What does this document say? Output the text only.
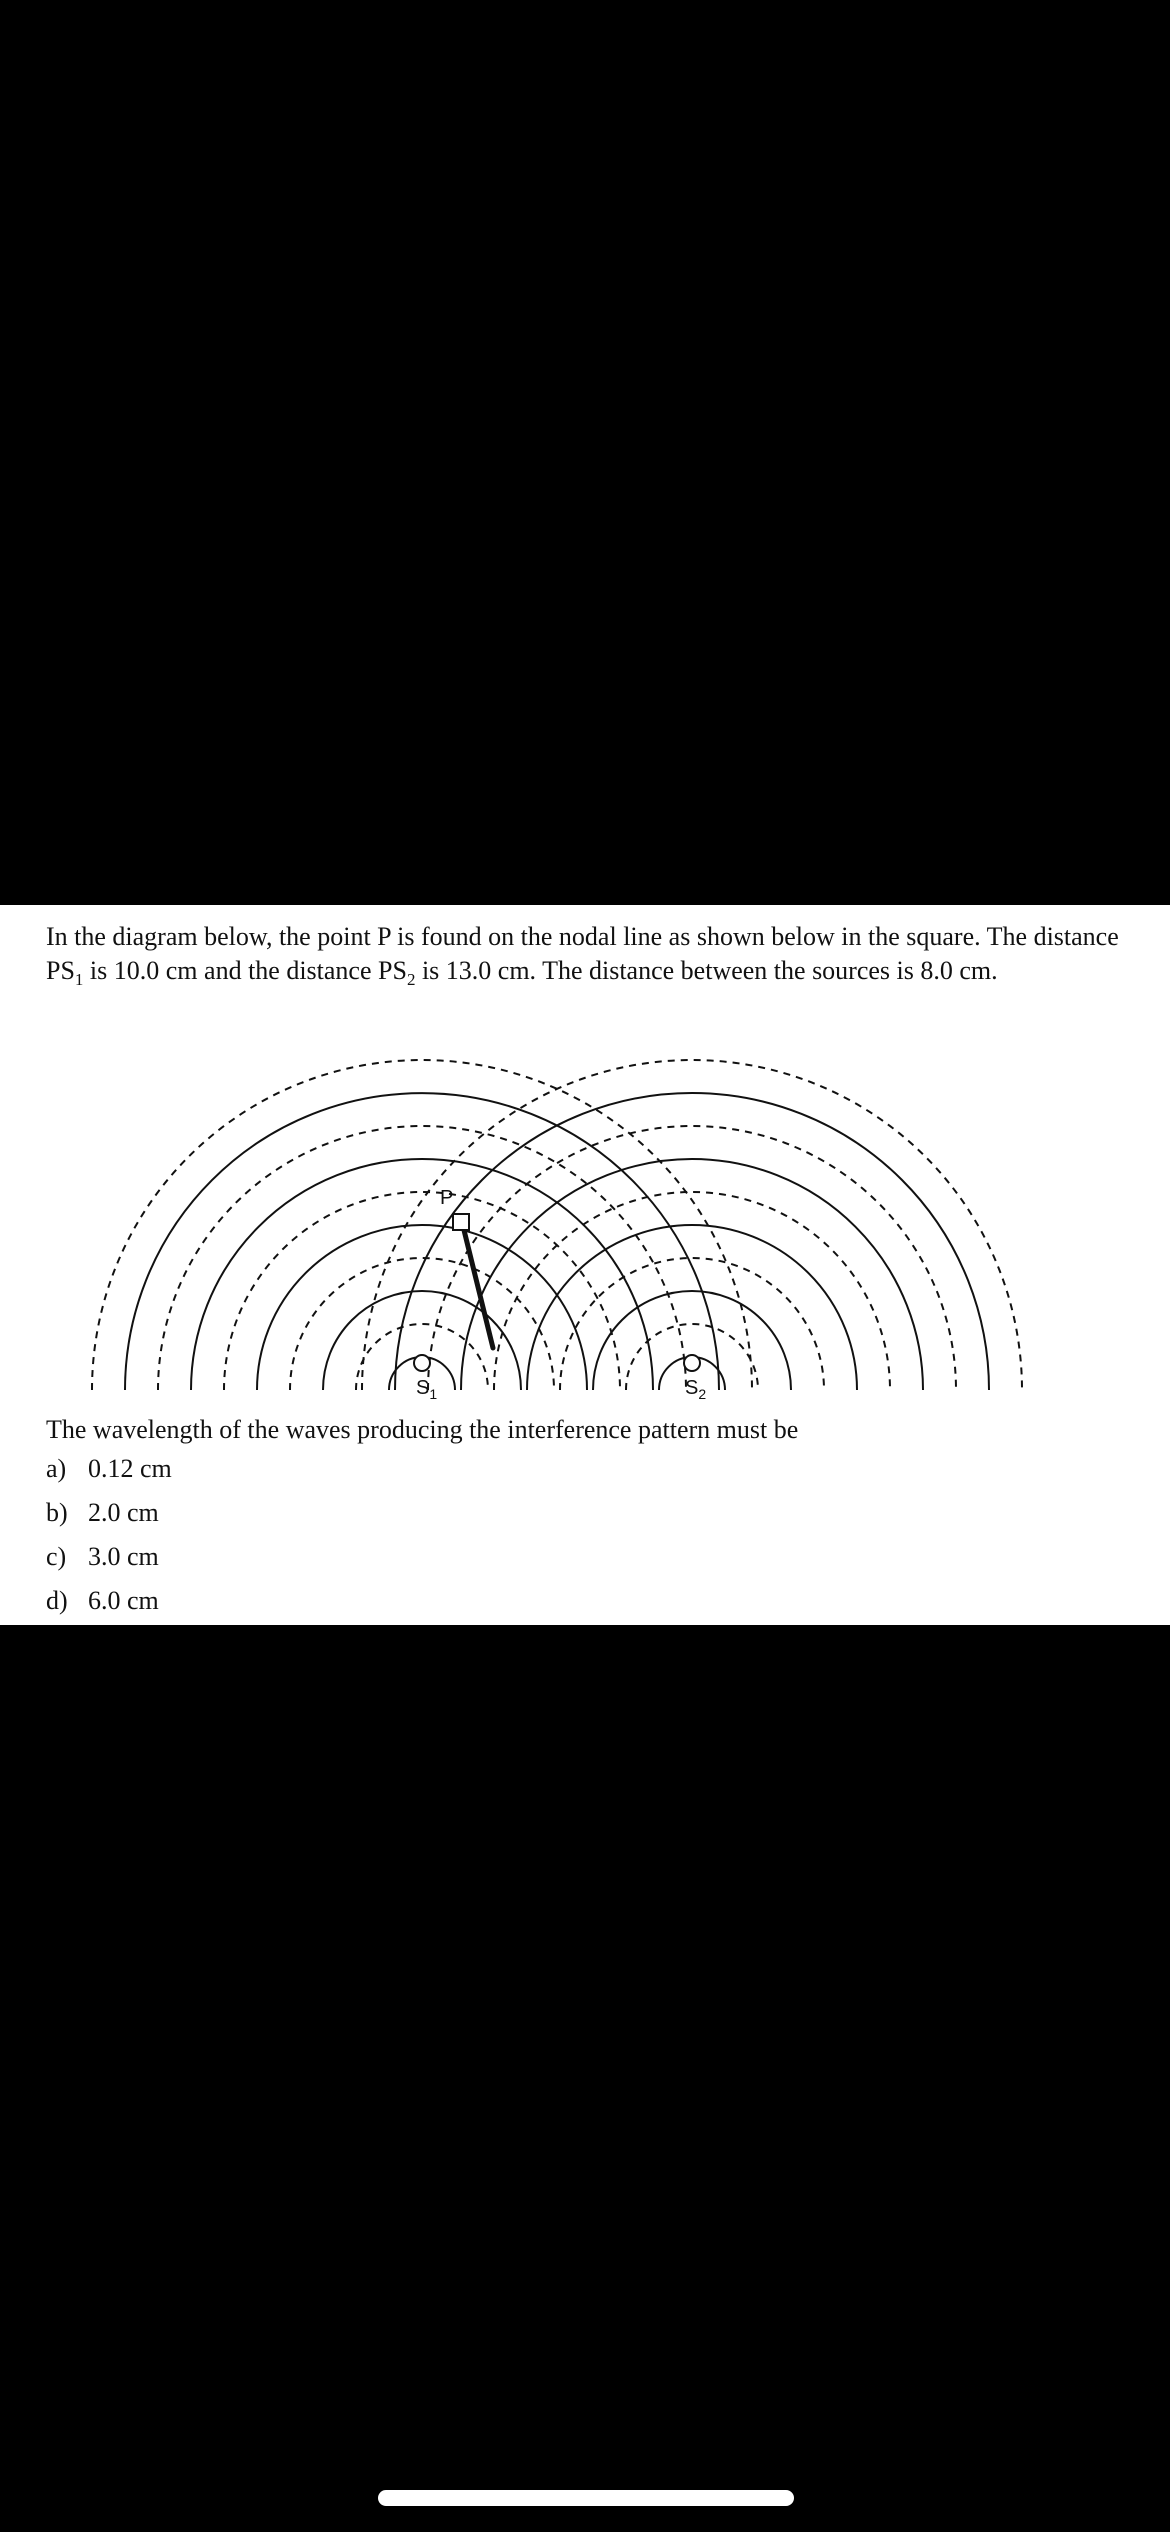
In the diagram below, the point P is found on the nodal line as shown below in the square. The distance $PS_1$ is 10.0 cm and the distance $PS_2$ is 13.0 cm. The distance between the sources is 8.0 cm.

P
$S_1$	$S_2$

The wavelength of the waves producing the interference pattern must be

a) 0.12 cm
b) 2.0 cm
c) 3.0 cm
d) 6.0 cm
